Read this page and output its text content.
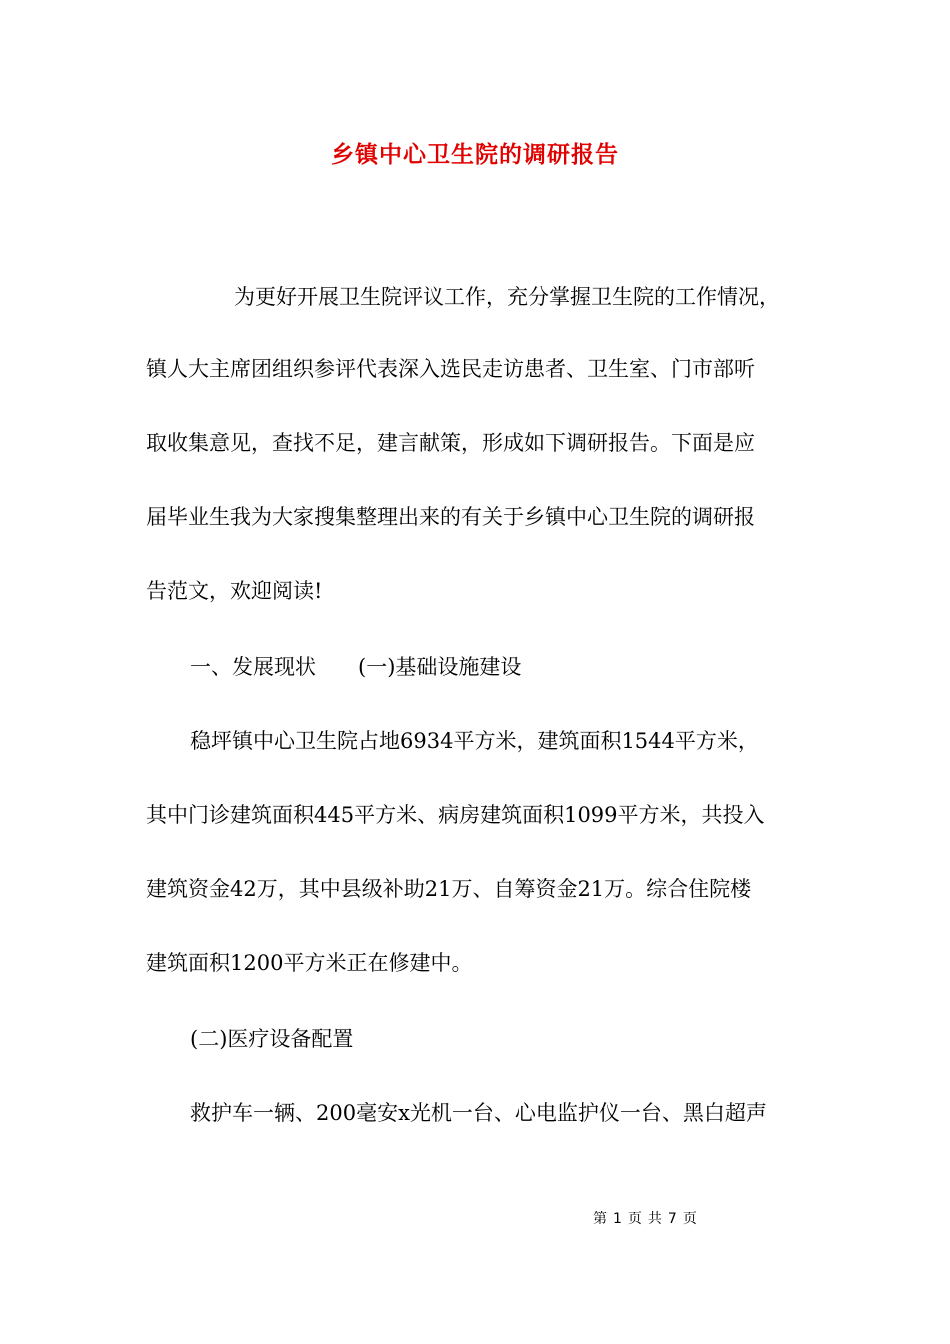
乡镇中心卫生院的调研报告
为更好开展卫生院评议工作，充分掌握卫生院的工作情况，
镇人大主席团组织参评代表深入选民走访患者、卫生室、门市部听
取收集意见，查找不足，建言献策，形成如下调研报告。下面是应
届毕业生我为大家搜集整理出来的有关于乡镇中心卫生院的调研报
告范文，欢迎阅读!
一、发展现状　　(一)基础设施建设
稳坪镇中心卫生院占地6934平方米，建筑面积1544平方米，
其中门诊建筑面积445平方米、病房建筑面积1099平方米，共投入
建筑资金42万，其中县级补助21万、自筹资金21万。综合住院楼
建筑面积1200平方米正在修建中。
(二)医疗设备配置
救护车一辆、200毫安x光机一台、心电监护仪一台、黑白超声
第 1 页 共 7 页
